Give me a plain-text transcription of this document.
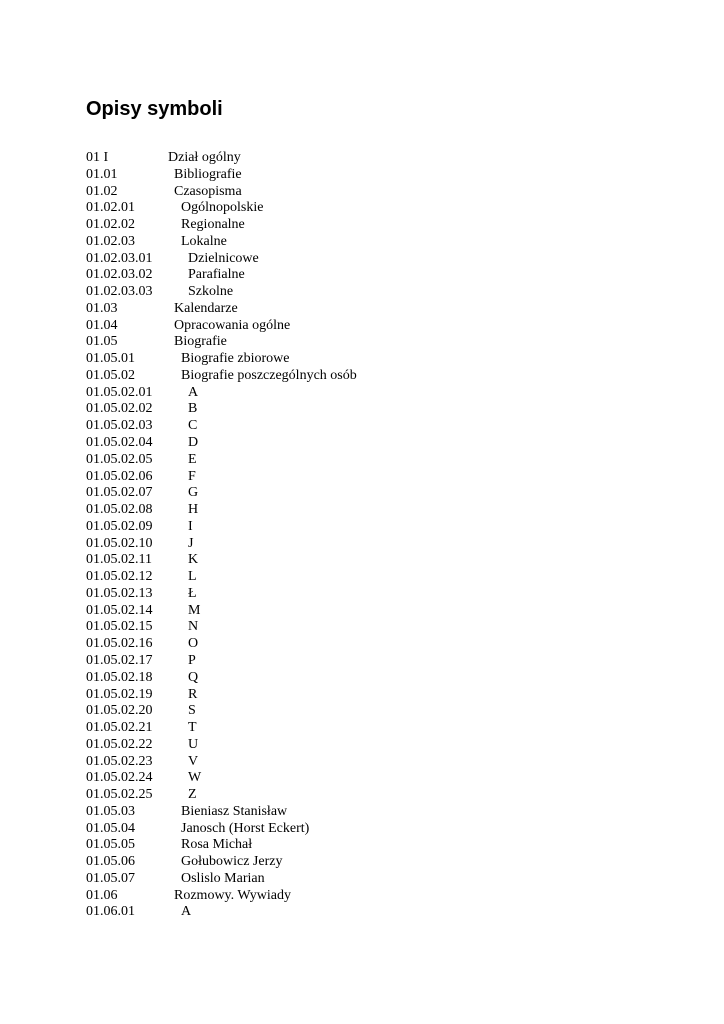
Opisy symboli
01 I	Dział ogólny
01.01	Bibliografie
01.02	Czasopisma
01.02.01	Ogólnopolskie
01.02.02	Regionalne
01.02.03	Lokalne
01.02.03.01	Dzielnicowe
01.02.03.02	Parafialne
01.02.03.03	Szkolne
01.03	Kalendarze
01.04	Opracowania ogólne
01.05	Biografie
01.05.01	Biografie zbiorowe
01.05.02	Biografie poszczególnych osób
01.05.02.01	A
01.05.02.02	B
01.05.02.03	C
01.05.02.04	D
01.05.02.05	E
01.05.02.06	F
01.05.02.07	G
01.05.02.08	H
01.05.02.09	I
01.05.02.10	J
01.05.02.11	K
01.05.02.12	L
01.05.02.13	Ł
01.05.02.14	M
01.05.02.15	N
01.05.02.16	O
01.05.02.17	P
01.05.02.18	Q
01.05.02.19	R
01.05.02.20	S
01.05.02.21	T
01.05.02.22	U
01.05.02.23	V
01.05.02.24	W
01.05.02.25	Z
01.05.03	Bieniasz Stanisław
01.05.04	Janosch (Horst Eckert)
01.05.05	Rosa Michał
01.05.06	Gołubowicz Jerzy
01.05.07	Oslislo Marian
01.06	Rozmowy. Wywiady
01.06.01	A
